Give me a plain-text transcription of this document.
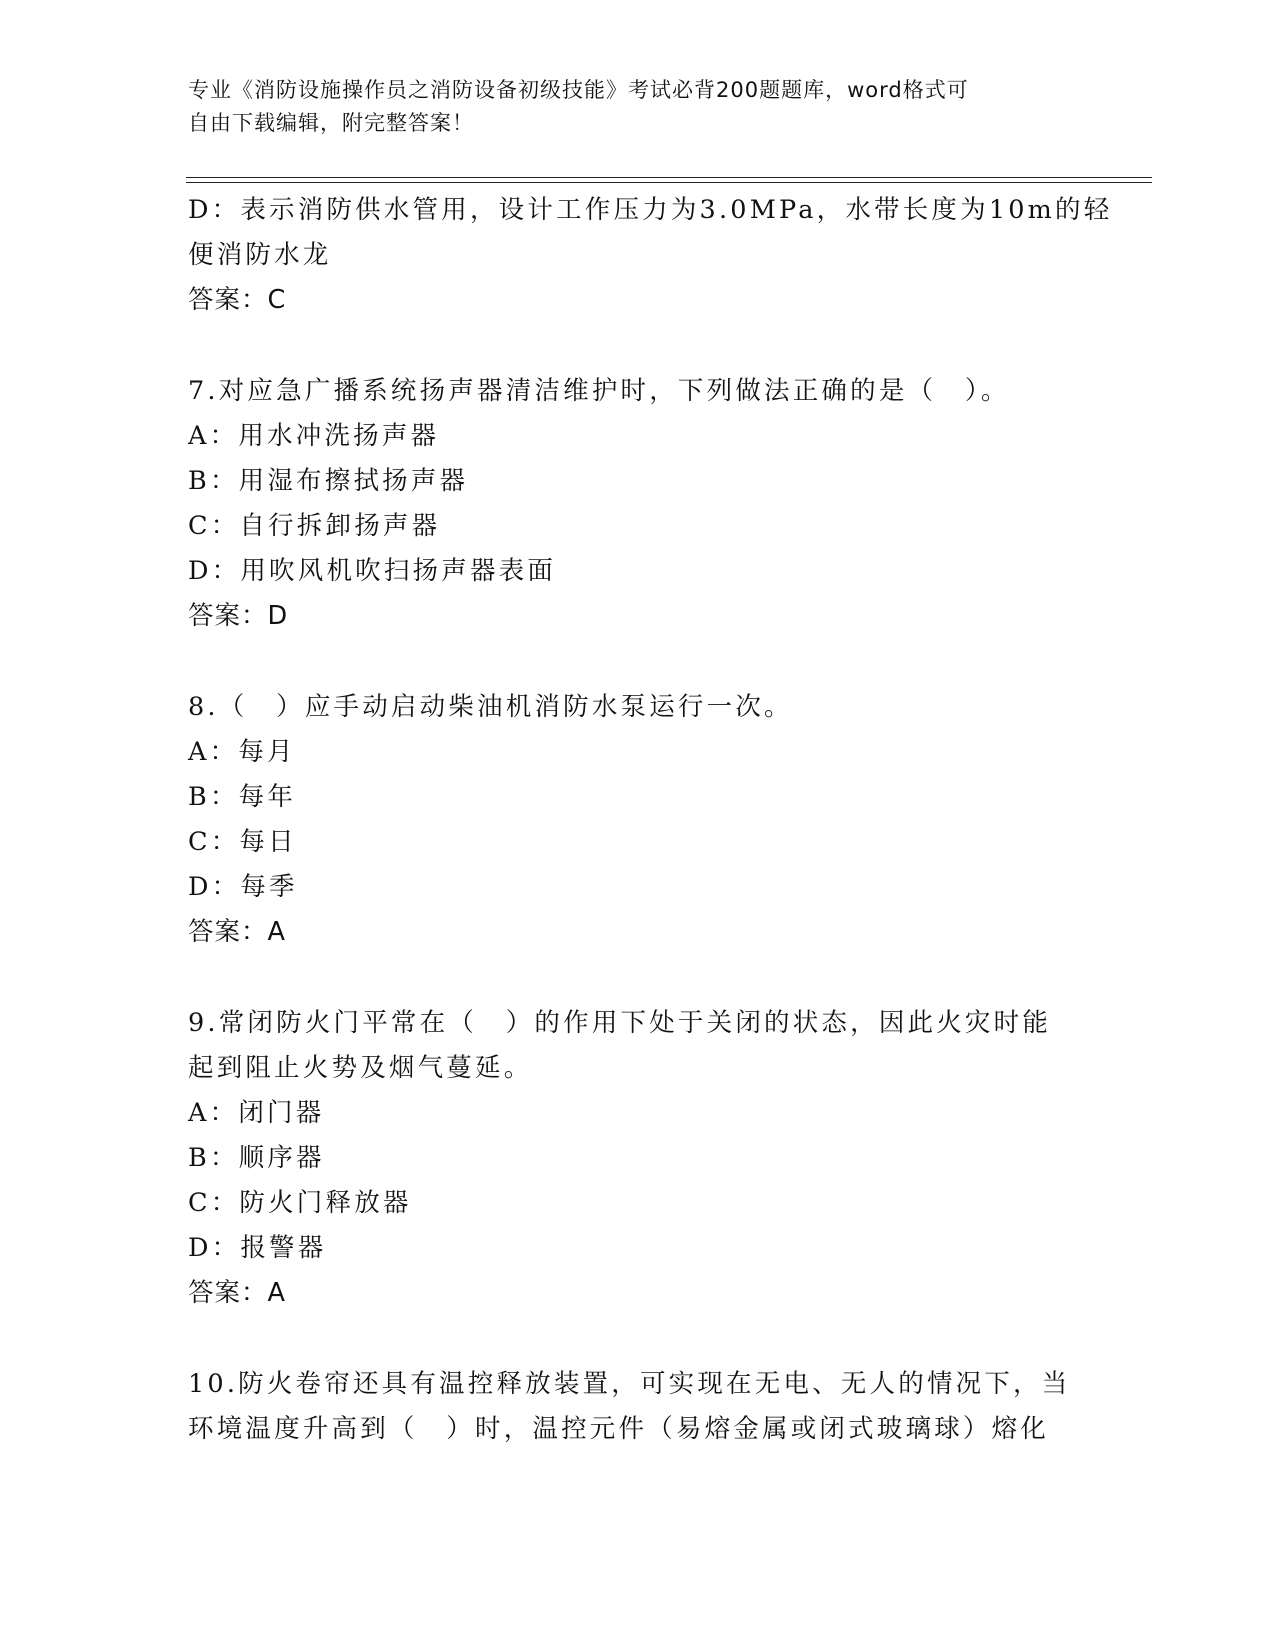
专业《消防设施操作员之消防设备初级技能》考试必背200题题库，word格式可
自由下载编辑，附完整答案！
D：表示消防供水管用，设计工作压力为3.0MPa，水带长度为10m的轻
便消防水龙
答案：C
7.对应急广播系统扬声器清洁维护时，下列做法正确的是（　）。
A：用水冲洗扬声器
B：用湿布擦拭扬声器
C：自行拆卸扬声器
D：用吹风机吹扫扬声器表面
答案：D
8.（　）应手动启动柴油机消防水泵运行一次。
A：每月
B：每年
C：每日
D：每季
答案：A
9.常闭防火门平常在（　）的作用下处于关闭的状态，因此火灾时能
起到阻止火势及烟气蔓延。
A：闭门器
B：顺序器
C：防火门释放器
D：报警器
答案：A
10.防火卷帘还具有温控释放装置，可实现在无电、无人的情况下，当
环境温度升高到（　）时，温控元件（易熔金属或闭式玻璃球）熔化
